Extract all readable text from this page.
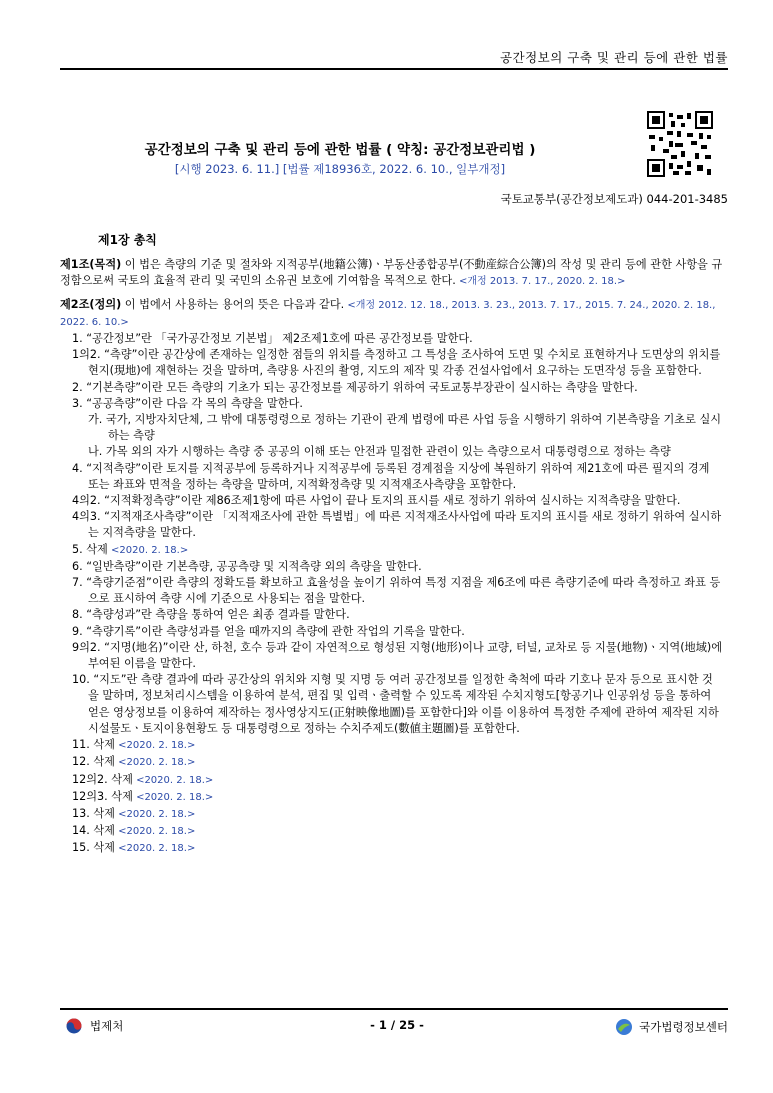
공간정보의 구축 및 관리 등에 관한 법률
공간정보의 구축 및 관리 등에 관한 법률 ( 약칭: 공간정보관리법 )
[시행 2023. 6. 11.] [법률 제18936호, 2022. 6. 10., 일부개정]
국토교통부(공간정보제도과) 044-201-3485
제1장 총칙
제1조(목적) 이 법은 측량의 기준 및 절차와 지적공부(地籍公簿)ㆍ부동산종합공부(不動産綜合公簿)의 작성 및 관리 등에 관한 사항을 규정함으로써 국토의 효율적 관리 및 국민의 소유권 보호에 기여함을 목적으로 한다. <개정 2013. 7. 17., 2020. 2. 18.>
제2조(정의) 이 법에서 사용하는 용어의 뜻은 다음과 같다. <개정 2012. 12. 18., 2013. 3. 23., 2013. 7. 17., 2015. 7. 24., 2020. 2. 18., 2022. 6. 10.>
1. “공간정보”란 「국가공간정보 기본법」 제2조제1호에 따른 공간정보를 말한다.
1의2. “측량”이란 공간상에 존재하는 일정한 점들의 위치를 측정하고 그 특성을 조사하여 도면 및 수치로 표현하거나 도면상의 위치를 현지(現地)에 재현하는 것을 말하며, 측량용 사진의 촬영, 지도의 제작 및 각종 건설사업에서 요구하는 도면작성 등을 포함한다.
2. “기본측량”이란 모든 측량의 기초가 되는 공간정보를 제공하기 위하여 국토교통부장관이 실시하는 측량을 말한다.
3. “공공측량”이란 다음 각 목의 측량을 말한다.
가. 국가, 지방자치단체, 그 밖에 대통령령으로 정하는 기관이 관계 법령에 따른 사업 등을 시행하기 위하여 기본측량을 기초로 실시하는 측량
나. 가목 외의 자가 시행하는 측량 중 공공의 이해 또는 안전과 밀접한 관련이 있는 측량으로서 대통령령으로 정하는 측량
4. “지적측량”이란 토지를 지적공부에 등록하거나 지적공부에 등록된 경계점을 지상에 복원하기 위하여 제21호에 따른 필지의 경계 또는 좌표와 면적을 정하는 측량을 말하며, 지적확정측량 및 지적재조사측량을 포함한다.
4의2. “지적확정측량”이란 제86조제1항에 따른 사업이 끝나 토지의 표시를 새로 정하기 위하여 실시하는 지적측량을 말한다.
4의3. “지적재조사측량”이란 「지적재조사에 관한 특별법」에 따른 지적재조사사업에 따라 토지의 표시를 새로 정하기 위하여 실시하는 지적측량을 말한다.
5. 삭제 <2020. 2. 18.>
6. “일반측량”이란 기본측량, 공공측량 및 지적측량 외의 측량을 말한다.
7. “측량기준점”이란 측량의 정확도를 확보하고 효율성을 높이기 위하여 특정 지점을 제6조에 따른 측량기준에 따라 측정하고 좌표 등으로 표시하여 측량 시에 기준으로 사용되는 점을 말한다.
8. “측량성과”란 측량을 통하여 얻은 최종 결과를 말한다.
9. “측량기록”이란 측량성과를 얻을 때까지의 측량에 관한 작업의 기록을 말한다.
9의2. “지명(地名)”이란 산, 하천, 호수 등과 같이 자연적으로 형성된 지형(地形)이나 교량, 터널, 교차로 등 지물(地物)ㆍ지역(地域)에 부여된 이름을 말한다.
10. “지도”란 측량 결과에 따라 공간상의 위치와 지형 및 지명 등 여러 공간정보를 일정한 축척에 따라 기호나 문자 등으로 표시한 것을 말하며, 정보처리시스템을 이용하여 분석, 편집 및 입력ㆍ출력할 수 있도록 제작된 수치지형도[항공기나 인공위성 등을 통하여 얻은 영상정보를 이용하여 제작하는 정사영상지도(正射映像地圖)를 포함한다]와 이를 이용하여 특정한 주제에 관하여 제작된 지하시설물도ㆍ토지이용현황도 등 대통령령으로 정하는 수치주제도(數値主題圖)를 포함한다.
11. 삭제 <2020. 2. 18.>
12. 삭제 <2020. 2. 18.>
12의2. 삭제 <2020. 2. 18.>
12의3. 삭제 <2020. 2. 18.>
13. 삭제 <2020. 2. 18.>
14. 삭제 <2020. 2. 18.>
15. 삭제 <2020. 2. 18.>
법제처	- 1 / 25 -	국가법령정보센터
